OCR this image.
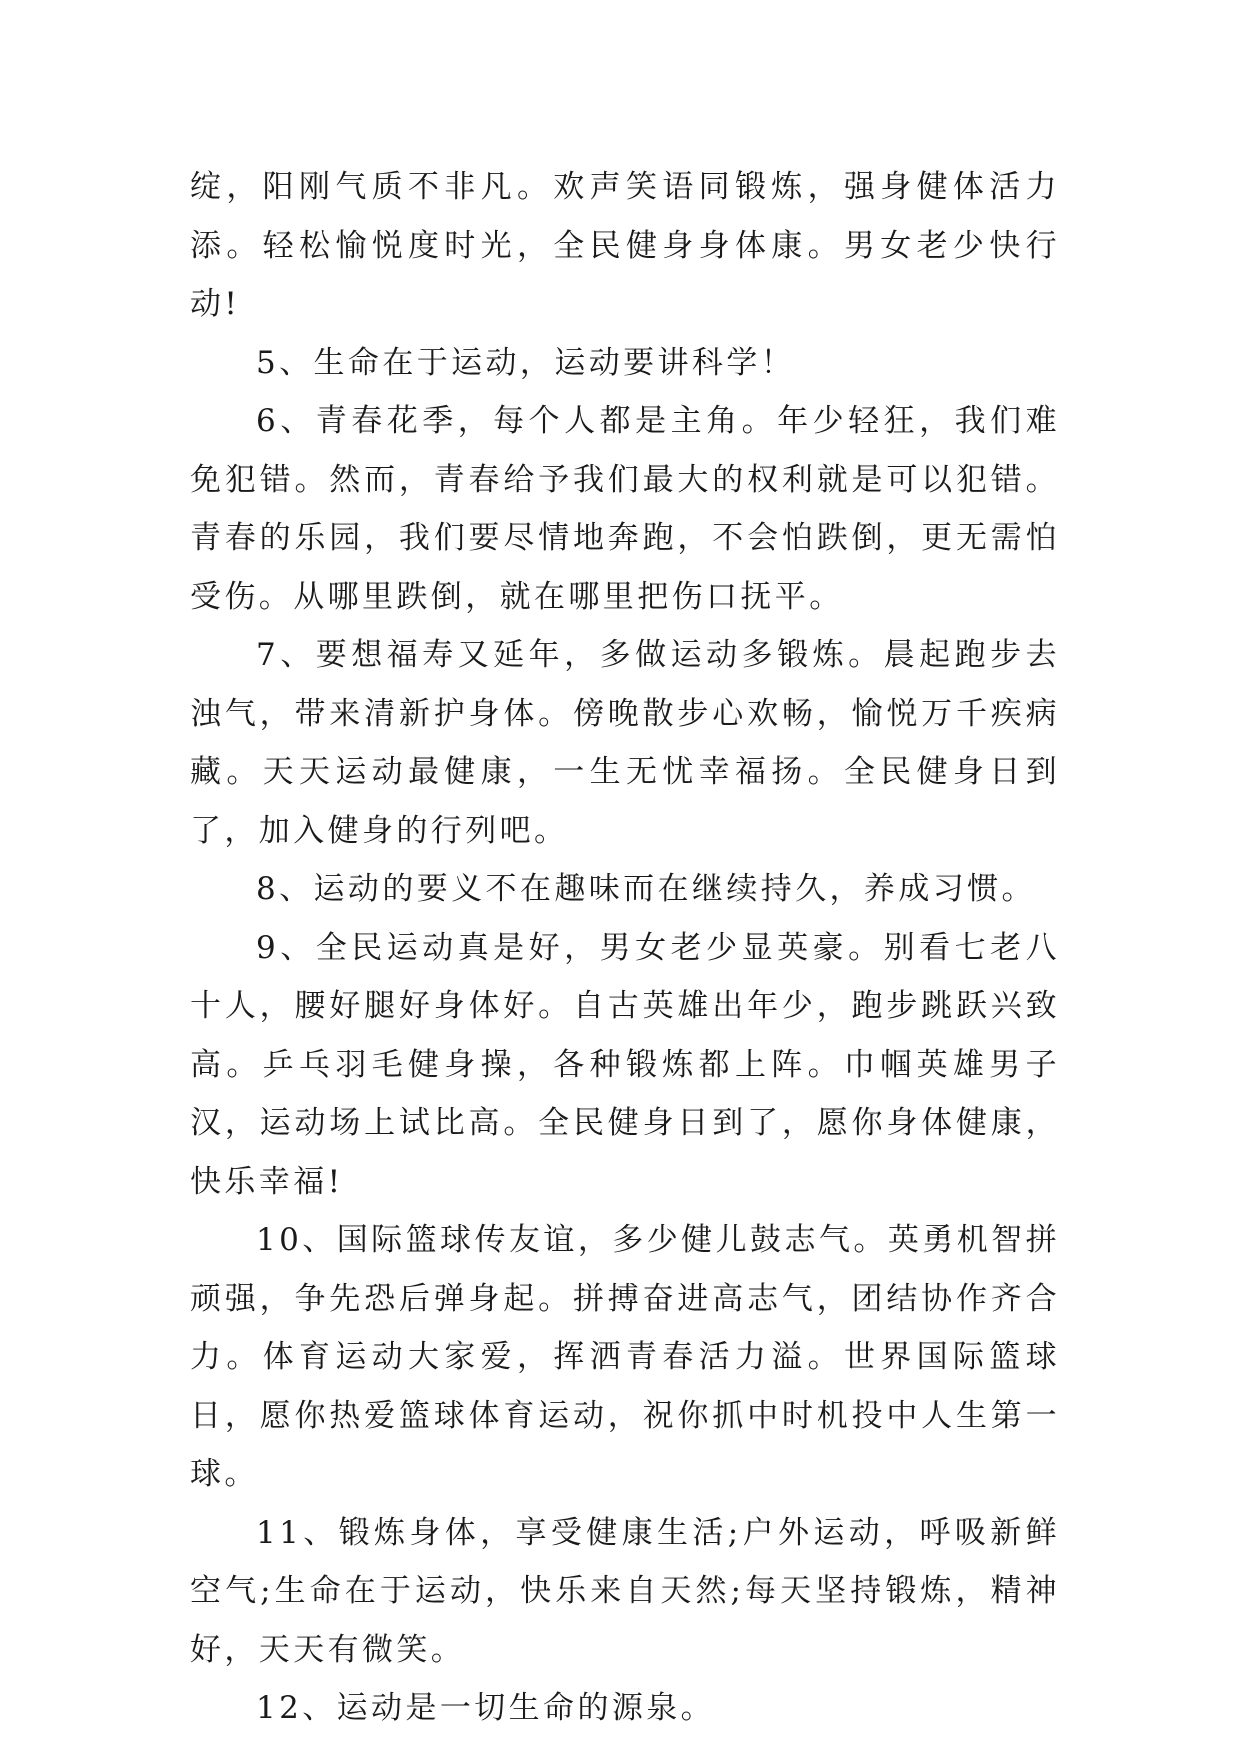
绽，阳刚气质不非凡。欢声笑语同锻炼，强身健体活力添。轻松愉悦度时光，全民健身身体康。男女老少快行动!

5、生命在于运动，运动要讲科学！

6、青春花季，每个人都是主角。年少轻狂，我们难免犯错。然而，青春给予我们最大的权利就是可以犯错。青春的乐园，我们要尽情地奔跑，不会怕跌倒，更无需怕受伤。从哪里跌倒，就在哪里把伤口抚平。

7、要想福寿又延年，多做运动多锻炼。晨起跑步去浊气，带来清新护身体。傍晚散步心欢畅，愉悦万千疾病藏。天天运动最健康，一生无忧幸福扬。全民健身日到了，加入健身的行列吧。

8、运动的要义不在趣味而在继续持久，养成习惯。

9、全民运动真是好，男女老少显英豪。别看七老八十人，腰好腿好身体好。自古英雄出年少，跑步跳跃兴致高。乒乓羽毛健身操，各种锻炼都上阵。巾帼英雄男子汉，运动场上试比高。全民健身日到了，愿你身体健康，快乐幸福!

10、国际篮球传友谊，多少健儿鼓志气。英勇机智拼顽强，争先恐后弹身起。拼搏奋进高志气，团结协作齐合力。体育运动大家爱，挥洒青春活力溢。世界国际篮球日，愿你热爱篮球体育运动，祝你抓中时机投中人生第一球。

11、锻炼身体，享受健康生活;户外运动，呼吸新鲜空气;生命在于运动，快乐来自天然;每天坚持锻炼，精神好，天天有微笑。

12、运动是一切生命的源泉。
